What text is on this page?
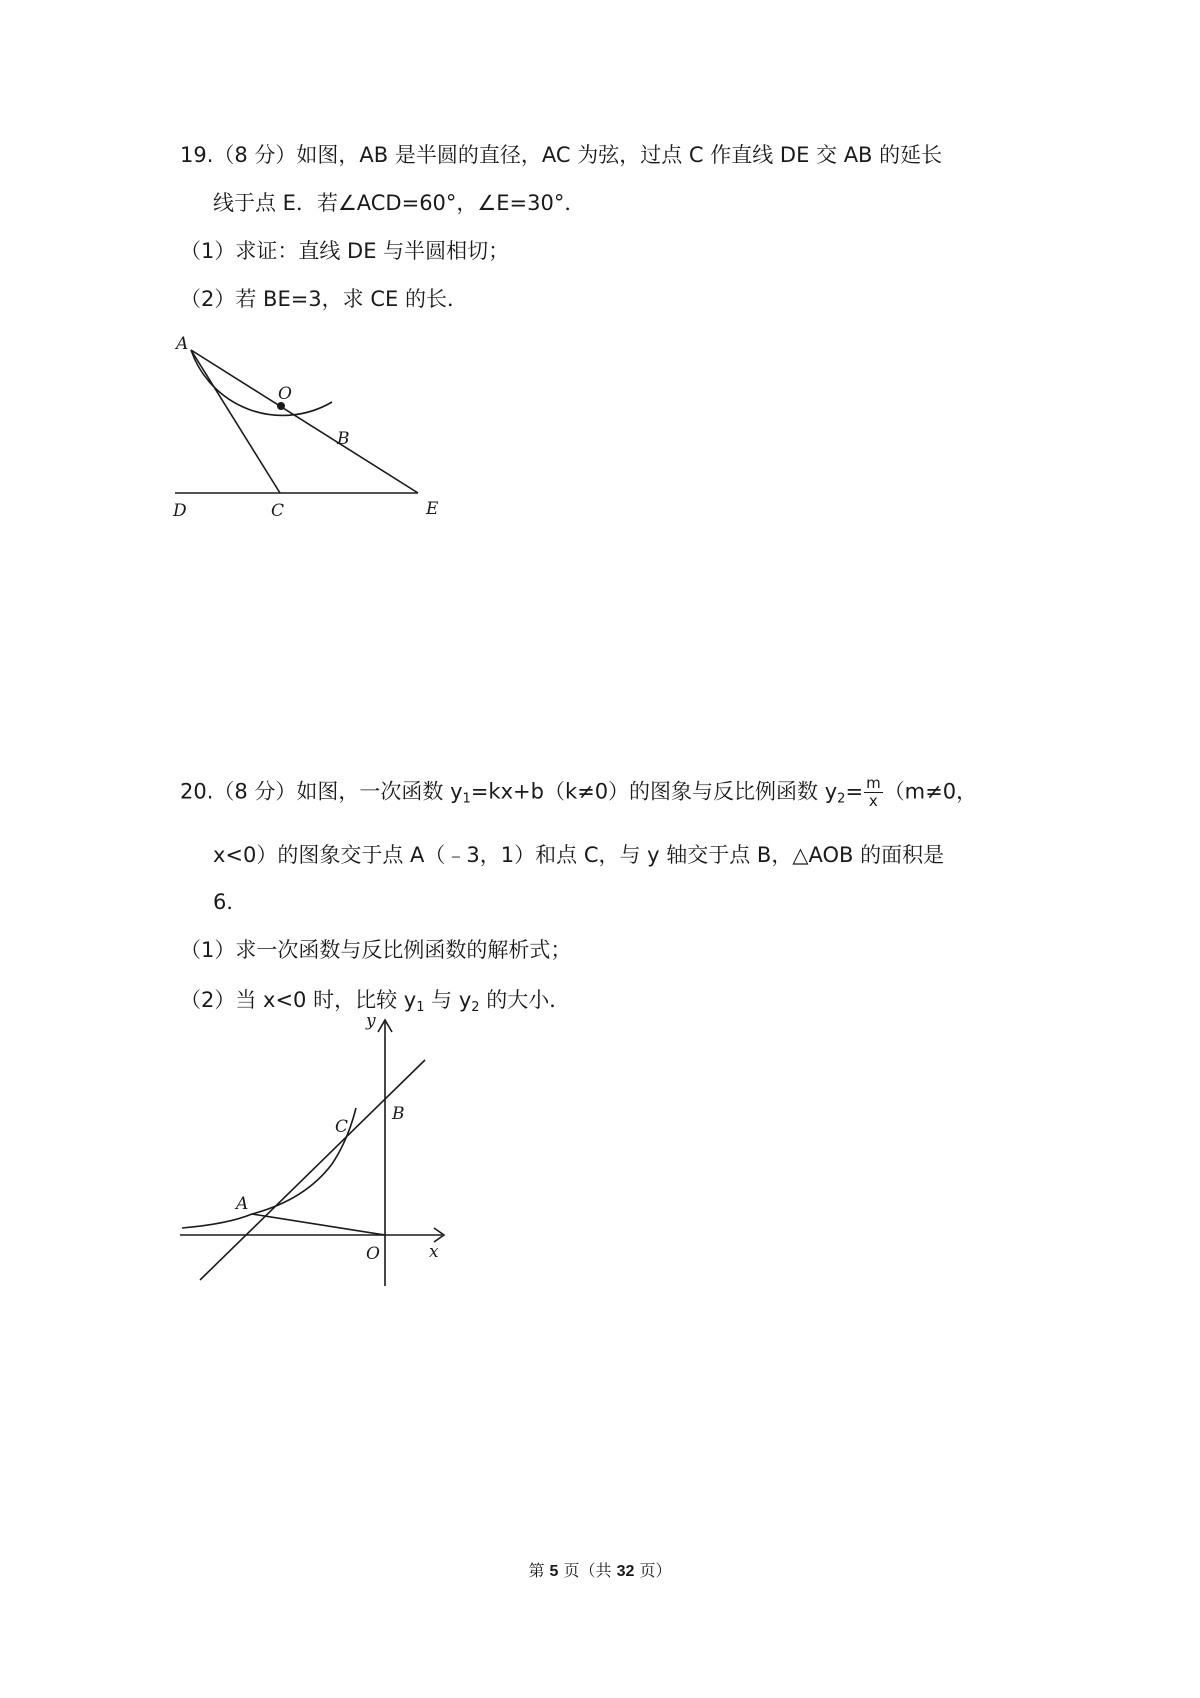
19.（8 分）如图，AB 是半圆的直径，AC 为弦，过点 C 作直线 DE 交 AB 的延长
线于点 E．若∠ACD=60°，∠E=30°．
（1）求证：直线 DE 与半圆相切；
（2）若 BE=3，求 CE 的长．
A
O
B
C
D	E
20.（8 分）如图，一次函数 $y_1=kx+b(k\ne 0)$的图象与反比例函数 $y_2= \frac{m}{x} (m\ne 0$，
x<0）的图象交于点 A（﹣3，1）和点 C，与 y 轴交于点 B，△AOB 的面积是
6．
（1）求一次函数与反比例函数的解析式；
（2）当 x<0 时，比较 $y_1$ 与 $y_2$ 的大小．
y
x
B
C
A
O
第 5 页（共 32 页）
